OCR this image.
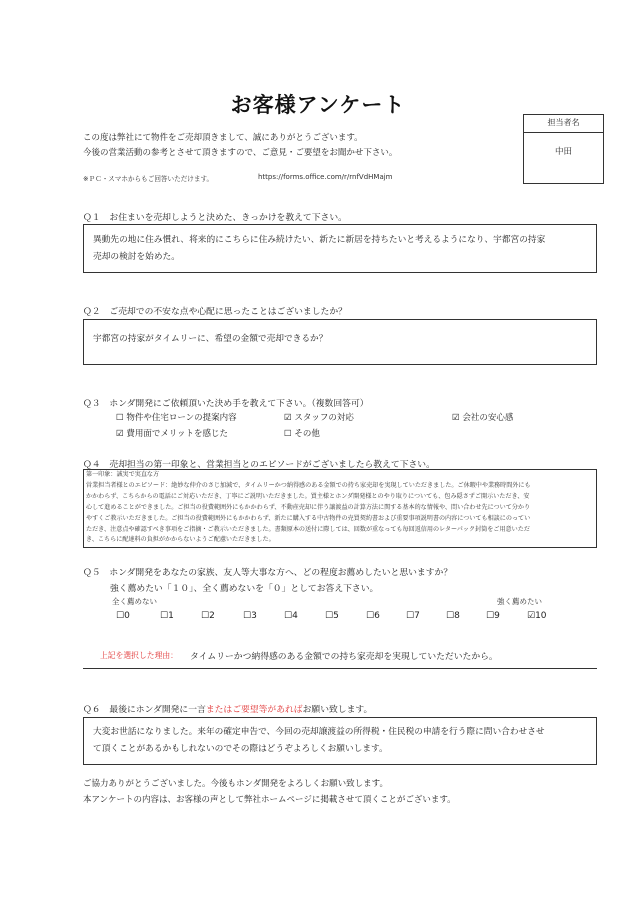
お客様アンケート
この度は弊社にて物件をご売却頂きまして、誠にありがとうございます。
今後の営業活動の参考とさせて頂きますので、ご意見・ご要望をお聞かせ下さい。
※ＰＣ・スマホからもご回答いただけます。	https://forms.office.com/r/rnfVdHMajm
担当者名
中田
Ｑ１　お住まいを売却しようと決めた、きっかけを教えて下さい。
異動先の地に住み慣れ、将来的にこちらに住み続けたい、新たに新居を持ちたいと考えるようになり、宇都宮の持家
売却の検討を始めた。
Ｑ２　ご売却での不安な点や心配に思ったことはございましたか？
宇都宮の持家がタイムリーに、希望の金額で売却できるか？
Ｑ３　ホンダ開発にご依頼頂いた決め手を教えて下さい。（複数回答可）
☐ 物件や住宅ローンの提案内容	☑ スタッフの対応	☑ 会社の安心感
☑ 費用面でメリットを感じた	☐ その他
Ｑ４　売却担当の第一印象と、営業担当とのエピソードがございましたら教えて下さい。
第一印象：誠実で実直な方
営業担当者様とのエピソード：絶妙な仲介のさじ加減で、タイムリーかつ納得感のある金額での持ち家売却を実現していただきました。ご休暇中や業務時間外にも
かかわらず、こちらからの電話にご対応いただき、丁寧にご説明いただきました。買主様とホンダ開発様とのやり取りについても、包み隠さずご開示いただき、安
心して進めることができました。ご担当の役費範囲外にもかかわらず、不動産売却に伴う譲渡益の計算方法に関する基本的な情報や、問い合わせ先について分かり
やすくご教示いただきました。ご担当の役費範囲外にもかかわらず、新たに購入する中古物件の売買契約書および重要事項説明書の内容についても相談にのってい
ただき、注意点や確認すべき事項をご指摘・ご教示いただきました。書類原本の送付に際しては、回数が重なっても毎回返信用のレターパック封筒をご用意いただ
き、こちらに配達料の負担がかからないようご配慮いただきました。
Ｑ５　ホンダ開発をあなたの家族、友人等大事な方へ、どの程度お薦めしたいと思いますか？
強く薦めたい「１０」、全く薦めないを「０」としてお答え下さい。
全く薦めない	強く薦めたい
☐0	☐1	☐2	☐3	☐4	☐5	☐6	☐7	☐8	☐9	☑10
上記を選択した理由： タイムリーかつ納得感のある金額での持ち家売却を実現していただいたから。
Ｑ６　最後にホンダ開発に一言またはご要望等があればお願い致します。
大変お世話になりました。来年の確定申告で、今回の売却譲渡益の所得税・住民税の申請を行う際に問い合わせさせ
て頂くことがあるかもしれないのでその際はどうぞよろしくお願いします。
ご協力ありがとうございました。今後もホンダ開発をよろしくお願い致します。
本アンケートの内容は、お客様の声として弊社ホームページに掲載させて頂くことがございます。
